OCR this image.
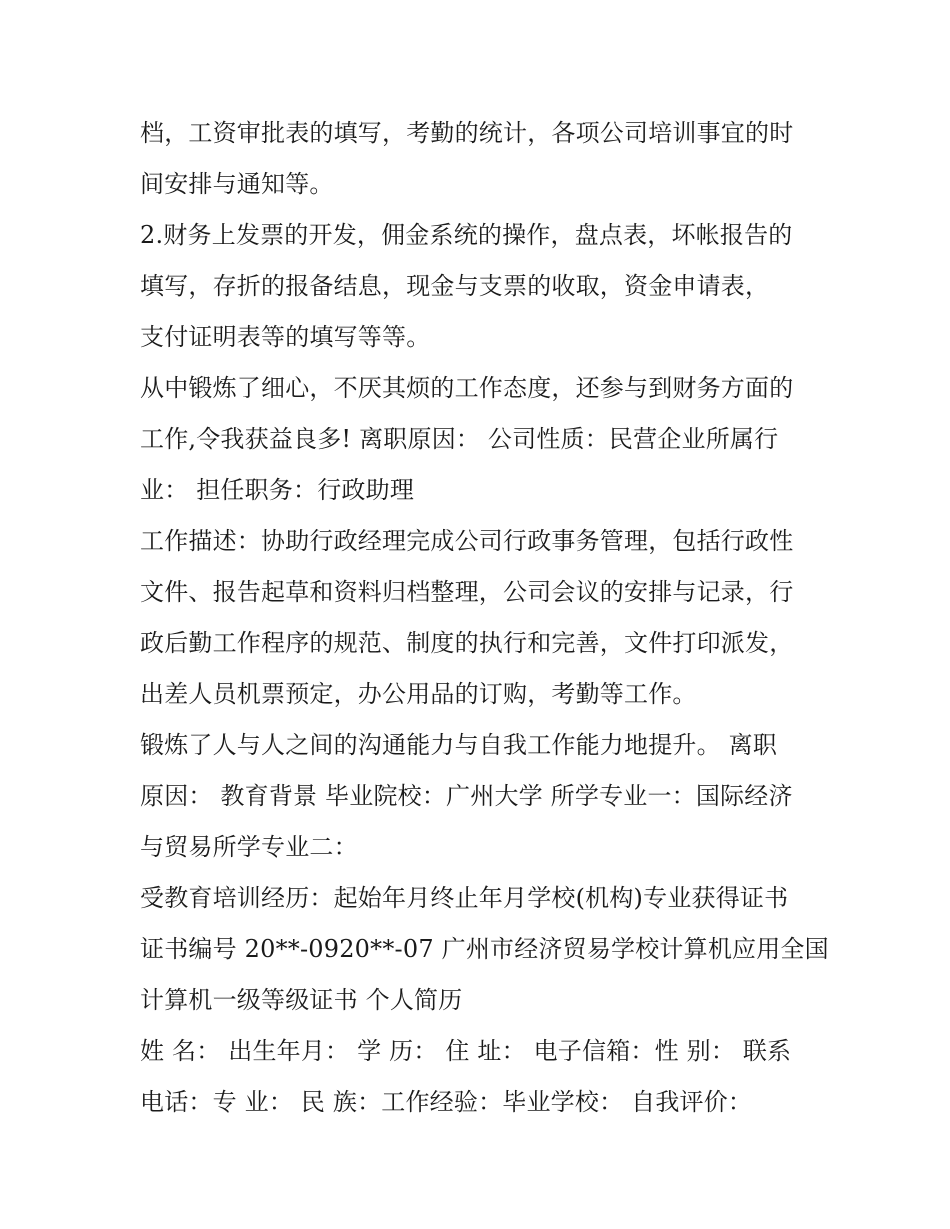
档，工资审批表的填写，考勤的统计，各项公司培训事宜的时
间安排与通知等。
2.财务上发票的开发，佣金系统的操作，盘点表，坏帐报告的
填写，存折的报备结息，现金与支票的收取，资金申请表，
支付证明表等的填写等等。
从中锻炼了细心，不厌其烦的工作态度，还参与到财务方面的
工作,令我获益良多! 离职原因： 公司性质：民营企业所属行
业： 担任职务：行政助理
工作描述：协助行政经理完成公司行政事务管理，包括行政性
文件、报告起草和资料归档整理，公司会议的安排与记录，行
政后勤工作程序的规范、制度的执行和完善，文件打印派发，
出差人员机票预定，办公用品的订购，考勤等工作。
锻炼了人与人之间的沟通能力与自我工作能力地提升。 离职
原因： 教育背景 毕业院校：广州大学 所学专业一：国际经济
与贸易所学专业二：
受教育培训经历：起始年月终止年月学校(机构)专业获得证书
证书编号 20**-0920**-07 广州市经济贸易学校计算机应用全国
计算机一级等级证书 个人简历
姓 名： 出生年月： 学 历： 住 址： 电子信箱：性 别： 联系
电话：专 业： 民 族：工作经验：毕业学校： 自我评价：
